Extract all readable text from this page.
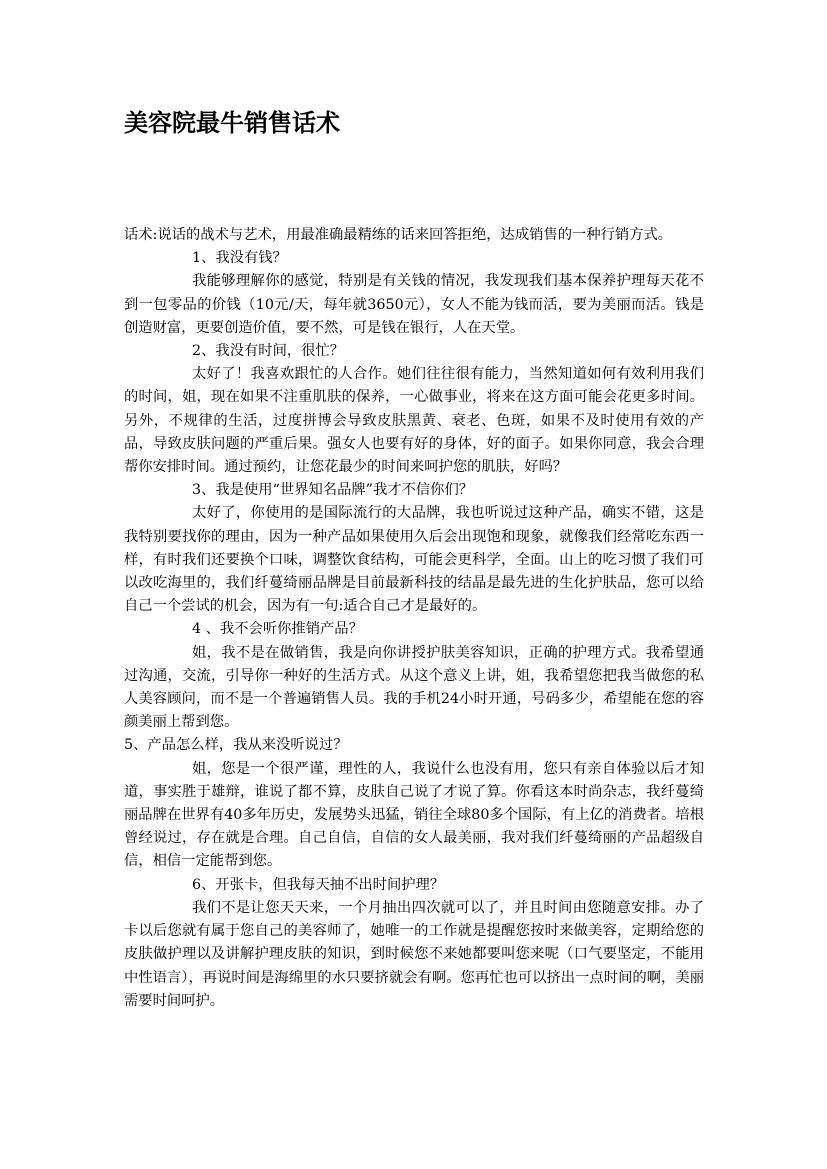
美容院最牛销售话术

话术:说话的战术与艺术，用最准确最精练的话来回答拒绝，达成销售的一种行销方式。

1、我没有钱？

我能够理解你的感觉，特别是有关钱的情况，我发现我们基本保养护理每天花不到一包零品的价钱（10元/天，每年就3650元），女人不能为钱而活，要为美丽而活。钱是创造财富，更要创造价值，要不然，可是钱在银行，人在天堂。

2、我没有时间，很忙？

太好了！我喜欢跟忙的人合作。她们往往很有能力，当然知道如何有效利用我们的时间，姐，现在如果不注重肌肤的保养，一心做事业，将来在这方面可能会花更多时间。另外，不规律的生活，过度拼博会导致皮肤黑黄、衰老、色斑，如果不及时使用有效的产品，导致皮肤问题的严重后果。强女人也要有好的身体，好的面子。如果你同意，我会合理帮你安排时间。通过预约，让您花最少的时间来呵护您的肌肤，好吗？

3、我是使用“世界知名品牌”我才不信你们？

太好了，你使用的是国际流行的大品牌，我也听说过这种产品，确实不错，这是我特别要找你的理由，因为一种产品如果使用久后会出现饱和现象，就像我们经常吃东西一样，有时我们还要换个口味，调整饮食结构，可能会更科学，全面。山上的吃习惯了我们可以改吃海里的，我们纤蔓绮丽品牌是目前最新科技的结晶是最先进的生化护肤品，您可以给自己一个尝试的机会，因为有一句:适合自己才是最好的。

4 、我不会听你推销产品？

姐，我不是在做销售，我是向你讲授护肤美容知识，正确的护理方式。我希望通过沟通，交流，引导你一种好的生活方式。从这个意义上讲，姐，我希望您把我当做您的私人美容顾问，而不是一个普遍销售人员。我的手机24小时开通，号码多少，希望能在您的容颜美丽上帮到您。

5、产品怎么样，我从来没听说过？

姐，您是一个很严谨，理性的人，我说什么也没有用，您只有亲自体验以后才知道，事实胜于雄辩，谁说了都不算，皮肤自己说了才说了算。你看这本时尚杂志，我纤蔓绮丽品牌在世界有40多年历史，发展势头迅猛，销往全球80多个国际，有上亿的消费者。培根曾经说过，存在就是合理。自己自信，自信的女人最美丽，我对我们纤蔓绮丽的产品超级自信，相信一定能帮到您。

6、开张卡，但我每天抽不出时间护理？

我们不是让您天天来，一个月抽出四次就可以了，并且时间由您随意安排。办了卡以后您就有属于您自己的美容师了，她唯一的工作就是提醒您按时来做美容，定期给您的皮肤做护理以及讲解护理皮肤的知识，到时候您不来她都要叫您来呢（口气要坚定，不能用中性语言），再说时间是海绵里的水只要挤就会有啊。您再忙也可以挤出一点时间的啊，美丽需要时间呵护。
